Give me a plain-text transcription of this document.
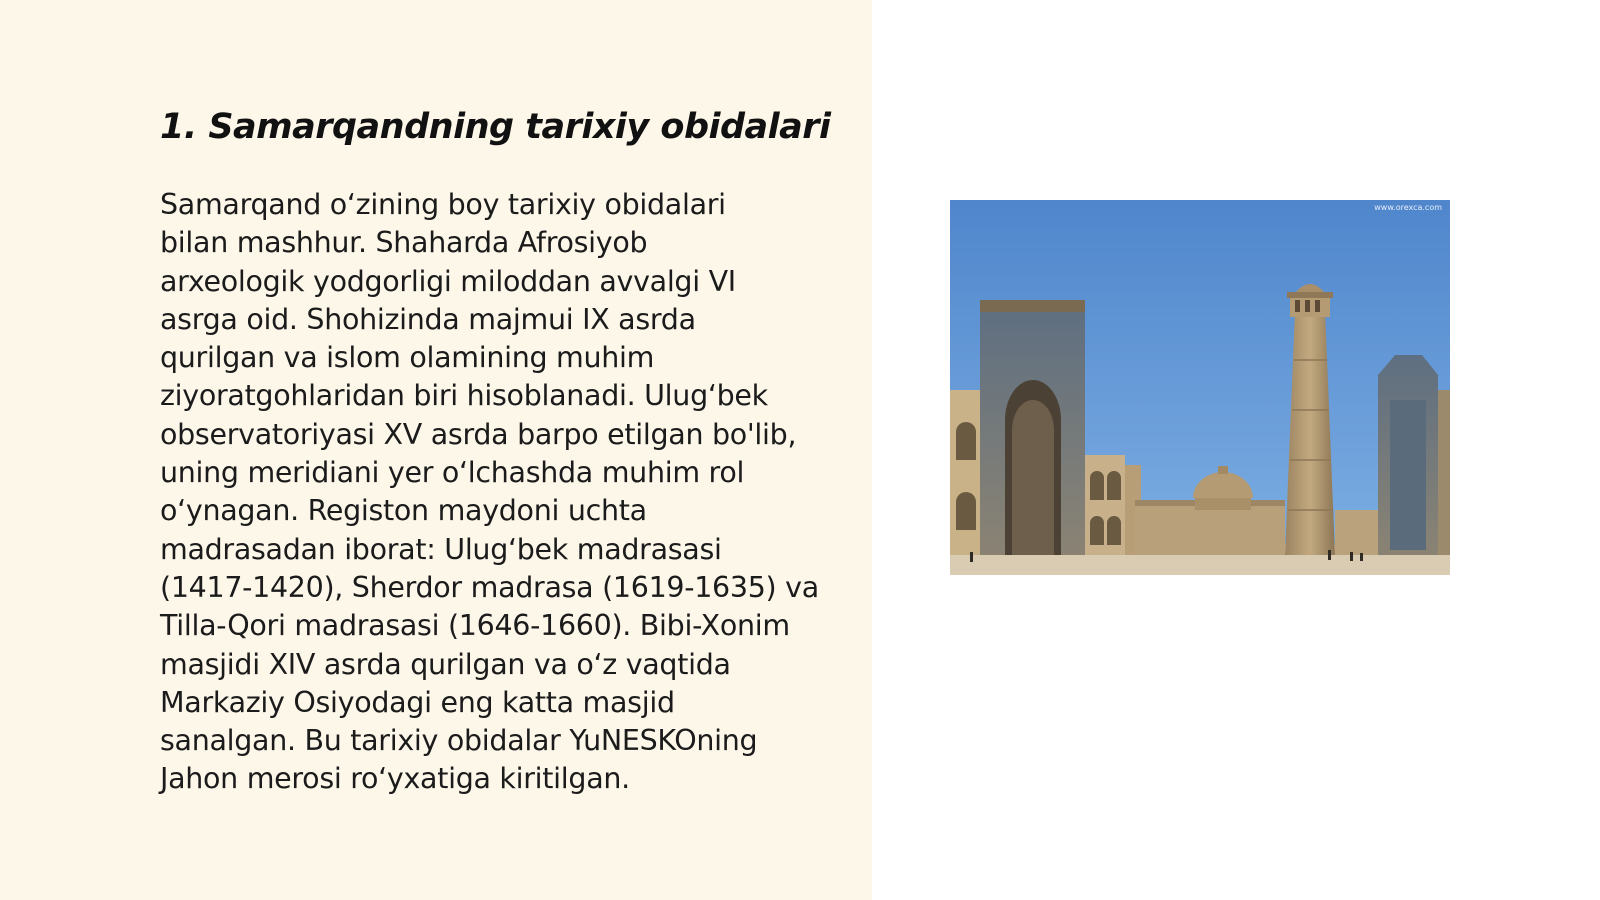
1. Samarqandning tarixiy obidalari

Samarqand o‘zining boy tarixiy obidalari
bilan mashhur. Shaharda Afrosiyob
arxeologik yodgorligi miloddan avvalgi VI
asrga oid. Shohizinda majmui IX asrda
qurilgan va islom olamining muhim
ziyoratgohlaridan biri hisoblanadi. Ulug‘bek
observatoriyasi XV asrda barpo etilgan bo'lib,
uning meridiani yer o‘lchashda muhim rol
o‘ynagan. Registon maydoni uchta
madrasadan iborat: Ulug‘bek madrasasi
(1417-1420), Sherdor madrasa (1619-1635) va
Tilla-Qori madrasasi (1646-1660). Bibi-Xonim
masjidi XIV asrda qurilgan va o‘z vaqtida
Markaziy Osiyodagi eng katta masjid
sanalgan. Bu tarixiy obidalar YuNESKOning
Jahon merosi ro‘yxatiga kiritilgan.

www.orexca.com
